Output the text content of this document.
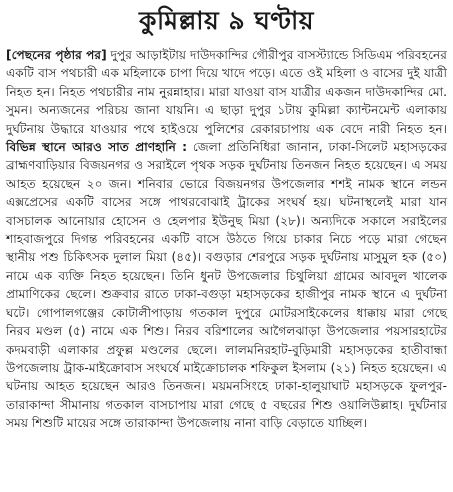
কুমিল্লায় ৯ ঘণ্টায়

[পেছনের পৃষ্ঠার পর] দুপুর আড়াইটায় দাউদকান্দির গৌরীপুর বাসস্ট্যান্ডে সিডিএম পরিবহনের একটি বাস পথচারী এক মহিলাকে চাপা দিয়ে খাদে পড়ে। এতে ওই মহিলা ও বাসের দুই যাত্রী নিহত হন। নিহত পথচারীর নাম নুরন্নাহার। মারা যাওয়া বাস যাত্রীর একজন দাউদকান্দির মো. সুমন। অন্যজনের পরিচয় জানা যায়নি। এ ছাড়া দুপুর ১টায় কুমিল্লা ক্যান্টনমেন্ট এলাকায় দুর্ঘটনায় উদ্ধারে যাওয়ার পথে হাইওয়ে পুলিশের রেকারচাপায় এক বেদে নারী নিহত হন। বিভিন্ন স্থানে আরও সাত প্রাণহানি : জেলা প্রতিনিধিরা জানান, ঢাকা-সিলেট মহাসড়কের ব্রাহ্মণবাড়িয়ার বিজয়নগর ও সরাইলে পৃথক সড়ক দুর্ঘটনায় তিনজন নিহত হয়েছেন। এ সময় আহত হয়েছেন ২০ জন। শনিবার ভোরে বিজয়নগর উপজেলার শশই নামক স্থানে লন্ডন এক্সপ্রেসের একটি বাসের সঙ্গে পাথরবোঝাই ট্রাকের সংঘর্ষ হয়। ঘটনাস্থলেই মারা যান বাসচালক আনোয়ার হোসেন ও হেলপার ইউনুছ মিয়া (২৮)। অন্যদিকে সকালে সরাইলের শাহবাজপুরে দিগন্ত পরিবহনের একটি বাসে উঠতে গিয়ে চাকার নিচে পড়ে মারা গেছেন স্থানীয় পশু চিকিৎসক দুলাল মিয়া (৪৫)। বগুড়ার শেরপুরে সড়ক দুর্ঘটনায় মাসুমুল হক (৫০) নামে এক ব্যক্তি নিহত হয়েছেন। তিনি ধুনট উপজেলার চিথুলিয়া গ্রামের আবদুল খালেক প্রামাণিকের ছেলে। শুক্রবার রাতে ঢাকা-বগুড়া মহাসড়কের হাজীপুর নামক স্থানে এ দুর্ঘটনা ঘটে। গোপালগঞ্জের কোটালীপাড়ায় গতকাল দুপুরে মোটরসাইকেলের ধাক্কায় মারা গেছে নিরব মণ্ডল (৫) নামে এক শিশু। নিরব বরিশালের আগৈলঝাড়া উপজেলার পয়সারহাটের কদমবাড়ী এলাকার প্রফুল্ল মণ্ডলের ছেলে। লালমনিরহাট-বুড়িমারী মহাসড়কের হাতীবান্ধা উপজেলায় ট্রাক-মাইক্রোবাস সংঘর্ষে মাইক্রোচালক শফিকুল ইসলাম (২১) নিহত হয়েছেন। এ ঘটনায় আহত হয়েছেন আরও তিনজন। ময়মনসিংহে ঢাকা-হালুয়াঘাট মহাসড়কে ফুলপুর-তারাকান্দা সীমানায় গতকাল বাসচাপায় মারা গেছে ৫ বছরের শিশু ওয়ালিউল্লাহ। দুর্ঘটনার সময় শিশুটি মায়ের সঙ্গে তারাকান্দা উপজেলায় নানা বাড়ি বেড়াতে যাচ্ছিল।
